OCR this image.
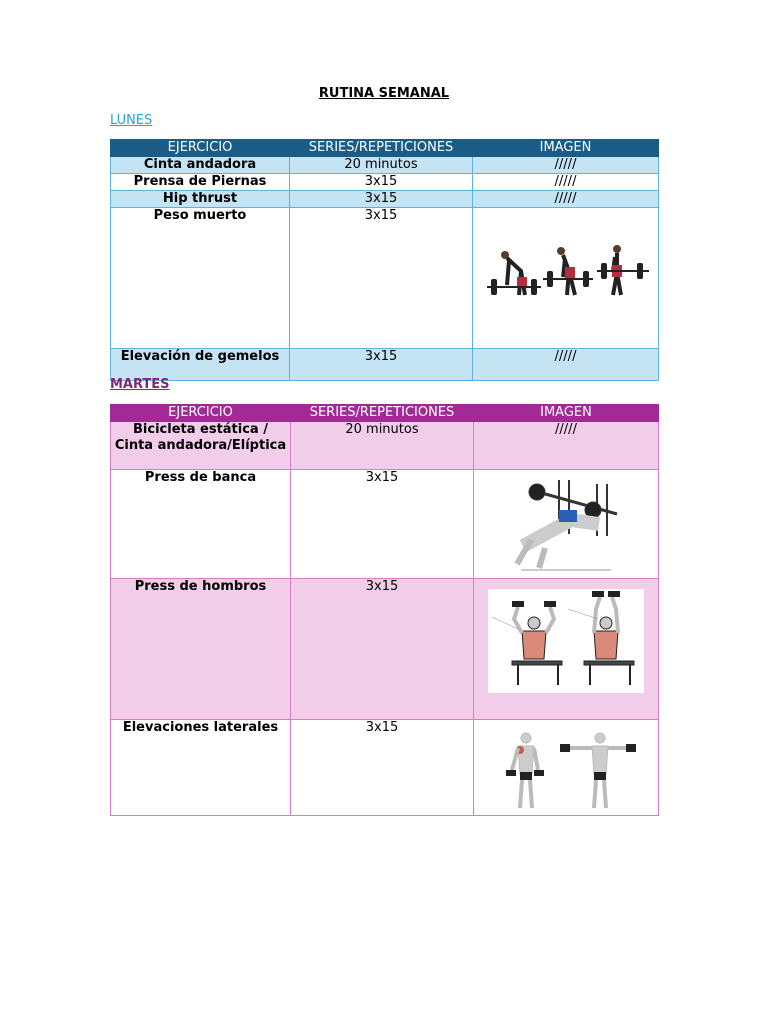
RUTINA SEMANAL
LUNES
EJERCICIO	SERIES/REPETICIONES	IMAGEN
Cinta andadora	20 minutos	/////
Prensa de Piernas	3x15	/////
Hip thrust	3x15	/////
Peso muerto	3x15	

Elevación de gemelos	3x15	/////
MARTES
EJERCICIO	SERIES/REPETICIONES	IMAGEN
Bicicleta estática / Cinta andadora/Elíptica	20 minutos	/////
Press de banca	3x15	

Press de hombros	3x15	

Elevaciones laterales	3x15	
